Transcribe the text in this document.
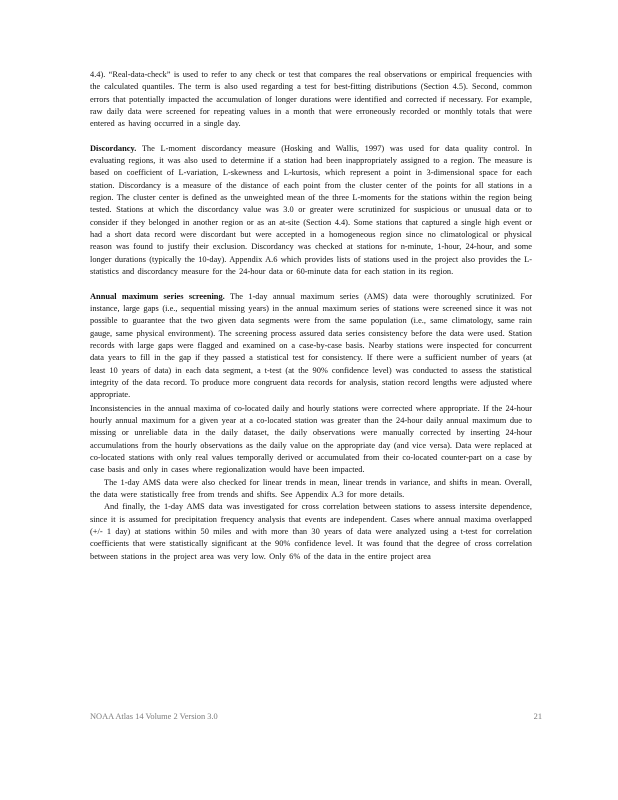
4.4). “Real-data-check” is used to refer to any check or test that compares the real observations or empirical frequencies with the calculated quantiles. The term is also used regarding a test for best-fitting distributions (Section 4.5). Second, common errors that potentially impacted the accumulation of longer durations were identified and corrected if necessary. For example, raw daily data were screened for repeating values in a month that were erroneously recorded or monthly totals that were entered as having occurred in a single day.

Discordancy. The L-moment discordancy measure (Hosking and Wallis, 1997) was used for data quality control. In evaluating regions, it was also used to determine if a station had been inappropriately assigned to a region. The measure is based on coefficient of L-variation, L-skewness and L-kurtosis, which represent a point in 3-dimensional space for each station. Discordancy is a measure of the distance of each point from the cluster center of the points for all stations in a region. The cluster center is defined as the unweighted mean of the three L-moments for the stations within the region being tested. Stations at which the discordancy value was 3.0 or greater were scrutinized for suspicious or unusual data or to consider if they belonged in another region or as an at-site (Section 4.4). Some stations that captured a single high event or had a short data record were discordant but were accepted in a homogeneous region since no climatological or physical reason was found to justify their exclusion. Discordancy was checked at stations for n-minute, 1-hour, 24-hour, and some longer durations (typically the 10-day). Appendix A.6 which provides lists of stations used in the project also provides the L-statistics and discordancy measure for the 24-hour data or 60-minute data for each station in its region.

Annual maximum series screening. The 1-day annual maximum series (AMS) data were thoroughly scrutinized. For instance, large gaps (i.e., sequential missing years) in the annual maximum series of stations were screened since it was not possible to guarantee that the two given data segments were from the same population (i.e., same climatology, same rain gauge, same physical environment). The screening process assured data series consistency before the data were used. Station records with large gaps were flagged and examined on a case-by-case basis. Nearby stations were inspected for concurrent data years to fill in the gap if they passed a statistical test for consistency. If there were a sufficient number of years (at least 10 years of data) in each data segment, a t-test (at the 90% confidence level) was conducted to assess the statistical integrity of the data record. To produce more congruent data records for analysis, station record lengths were adjusted where appropriate.

Inconsistencies in the annual maxima of co-located daily and hourly stations were corrected where appropriate. If the 24-hour hourly annual maximum for a given year at a co-located station was greater than the 24-hour daily annual maximum due to missing or unreliable data in the daily dataset, the daily observations were manually corrected by inserting 24-hour accumulations from the hourly observations as the daily value on the appropriate day (and vice versa). Data were replaced at co-located stations with only real values temporally derived or accumulated from their co-located counter-part on a case by case basis and only in cases where regionalization would have been impacted.

The 1-day AMS data were also checked for linear trends in mean, linear trends in variance, and shifts in mean. Overall, the data were statistically free from trends and shifts. See Appendix A.3 for more details.

And finally, the 1-day AMS data was investigated for cross correlation between stations to assess intersite dependence, since it is assumed for precipitation frequency analysis that events are independent. Cases where annual maxima overlapped (+/- 1 day) at stations within 50 miles and with more than 30 years of data were analyzed using a t-test for correlation coefficients that were statistically significant at the 90% confidence level. It was found that the degree of cross correlation between stations in the project area was very low. Only 6% of the data in the entire project area

NOAA Atlas 14 Volume 2 Version 3.0	21
